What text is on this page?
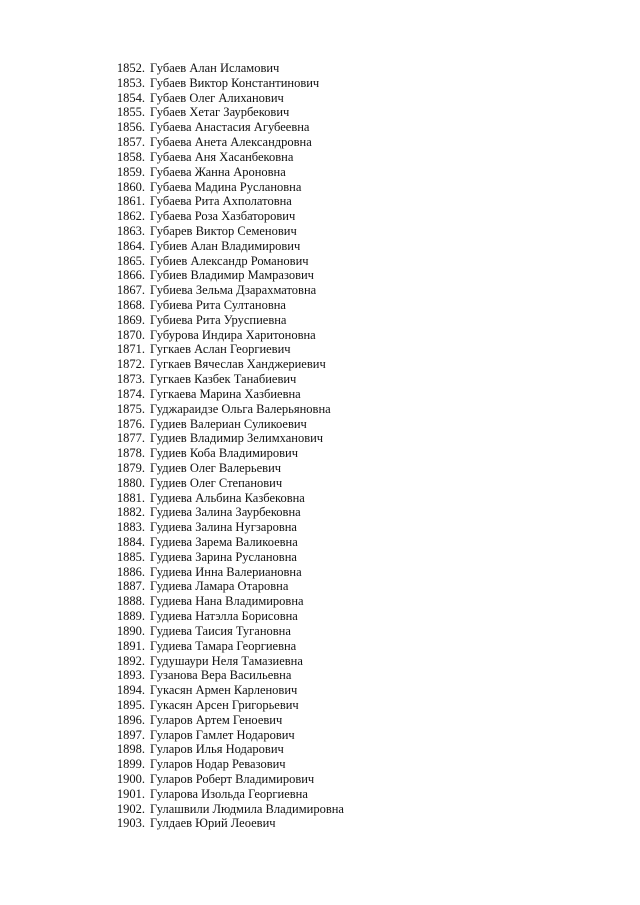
1852. Губаев Алан Исламович
1853. Губаев Виктор Константинович
1854. Губаев Олег Алиханович
1855. Губаев Хетаг Заурбекович
1856. Губаева Анастасия Агубеевна
1857. Губаева Анета Александровна
1858. Губаева Аня Хасанбековна
1859. Губаева Жанна Ароновна
1860. Губаева Мадина Руслановна
1861. Губаева Рита Ахполатовна
1862. Губаева Роза Хазбаторович
1863. Губарев Виктор Семенович
1864. Губиев Алан Владимирович
1865. Губиев Александр Романович
1866. Губиев Владимир Мамразович
1867. Губиева Зельма Дзарахматовна
1868. Губиева Рита Султановна
1869. Губиева Рита Уруспиевна
1870. Губурова Индира Харитоновна
1871. Гугкаев Аслан Георгиевич
1872. Гугкаев Вячеслав Ханджериевич
1873. Гугкаев Казбек Танабиевич
1874. Гугкаева Марина Хазбиевна
1875. Гуджараидзе Ольга Валерьяновна
1876. Гудиев Валериан Суликоевич
1877. Гудиев Владимир Зелимханович
1878. Гудиев Коба Владимирович
1879. Гудиев Олег Валерьевич
1880. Гудиев Олег Степанович
1881. Гудиева Альбина Казбековна
1882. Гудиева Залина Заурбековна
1883. Гудиева Залина Нугзаровна
1884. Гудиева Зарема Валикоевна
1885. Гудиева Зарина Руслановна
1886. Гудиева Инна Валериановна
1887. Гудиева Ламара Отаровна
1888. Гудиева Нана Владимировна
1889. Гудиева Натэлла Борисовна
1890. Гудиева Таисия Тугановна
1891. Гудиева Тамара Георгиевна
1892. Гудушаури Неля Тамазиевна
1893. Гузанова Вера Васильевна
1894. Гукасян Армен Карленович
1895. Гукасян Арсен Григорьевич
1896. Гуларов Артем Геноевич
1897. Гуларов Гамлет Нодарович
1898. Гуларов Илья Нодарович
1899. Гуларов Нодар Ревазович
1900. Гуларов Роберт Владимирович
1901. Гуларова Изольда Георгиевна
1902. Гулашвили Людмила Владимировна
1903. Гулдаев Юрий Леоевич
